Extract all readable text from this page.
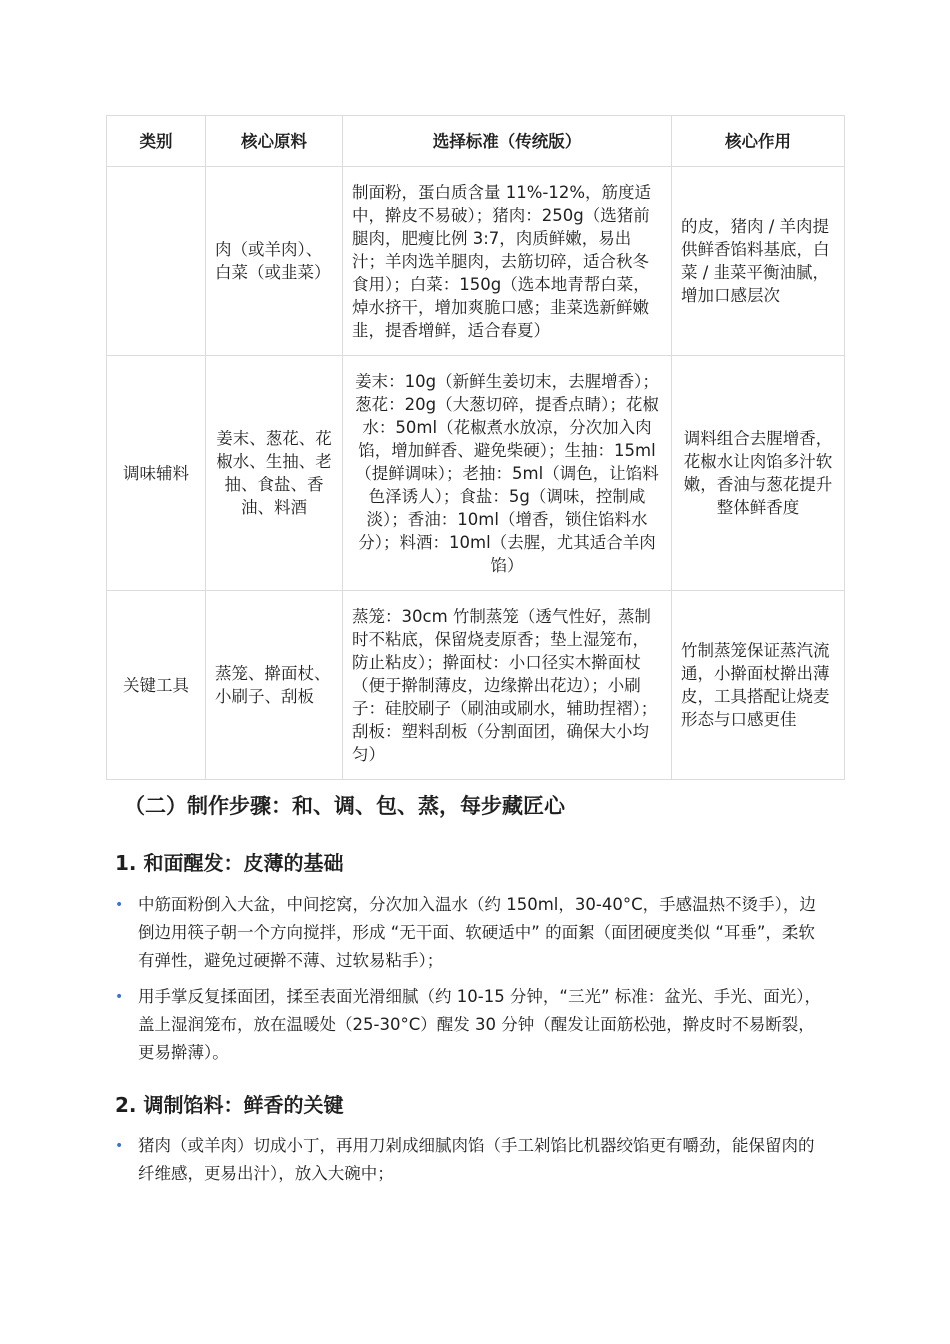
类别	核心原料	选择标准（传统版）	核心作用
	肉（或羊肉）、白菜（或韭菜）	制面粉，蛋白质含量 11%-12%，筋度适中，擀皮不易破）；猪肉：250g（选猪前腿肉，肥瘦比例 3:7，肉质鲜嫩，易出汁；羊肉选羊腿肉，去筋切碎，适合秋冬食用）；白菜：150g（选本地青帮白菜，焯水挤干，增加爽脆口感；韭菜选新鲜嫩韭，提香增鲜，适合春夏）	的皮，猪肉 / 羊肉提供鲜香馅料基底，白菜 / 韭菜平衡油腻，增加口感层次
调味辅料	姜末、葱花、花椒水、生抽、老抽、食盐、香油、料酒	姜末：10g（新鲜生姜切末，去腥增香）；葱花：20g（大葱切碎，提香点睛）；花椒水：50ml（花椒煮水放凉，分次加入肉馅，增加鲜香、避免柴硬）；生抽：15ml（提鲜调味）；老抽：5ml（调色，让馅料色泽诱人）；食盐：5g（调味，控制咸淡）；香油：10ml（增香，锁住馅料水分）；料酒：10ml（去腥，尤其适合羊肉馅）	调料组合去腥增香，花椒水让肉馅多汁软嫩，香油与葱花提升整体鲜香度
关键工具	蒸笼、擀面杖、小刷子、刮板	蒸笼：30cm 竹制蒸笼（透气性好，蒸制时不粘底，保留烧麦原香；垫上湿笼布，防止粘皮）；擀面杖：小口径实木擀面杖（便于擀制薄皮，边缘擀出花边）；小刷子：硅胶刷子（刷油或刷水，辅助捏褶）；刮板：塑料刮板（分割面团，确保大小均匀）	竹制蒸笼保证蒸汽流通，小擀面杖擀出薄皮，工具搭配让烧麦形态与口感更佳
（二）制作步骤：和、调、包、蒸，每步藏匠心
1. 和面醒发：皮薄的基础
• 中筋面粉倒入大盆，中间挖窝，分次加入温水（约 150ml，30-40°C，手感温热不烫手），边倒边用筷子朝一个方向搅拌，形成 “无干面、软硬适中” 的面絮（面团硬度类似 “耳垂”，柔软有弹性，避免过硬擀不薄、过软易粘手）；
• 用手掌反复揉面团，揉至表面光滑细腻（约 10-15 分钟，“三光” 标准：盆光、手光、面光），盖上湿润笼布，放在温暖处（25-30°C）醒发 30 分钟（醒发让面筋松弛，擀皮时不易断裂，更易擀薄）。
2. 调制馅料：鲜香的关键
• 猪肉（或羊肉）切成小丁，再用刀剁成细腻肉馅（手工剁馅比机器绞馅更有嚼劲，能保留肉的纤维感，更易出汁），放入大碗中；
